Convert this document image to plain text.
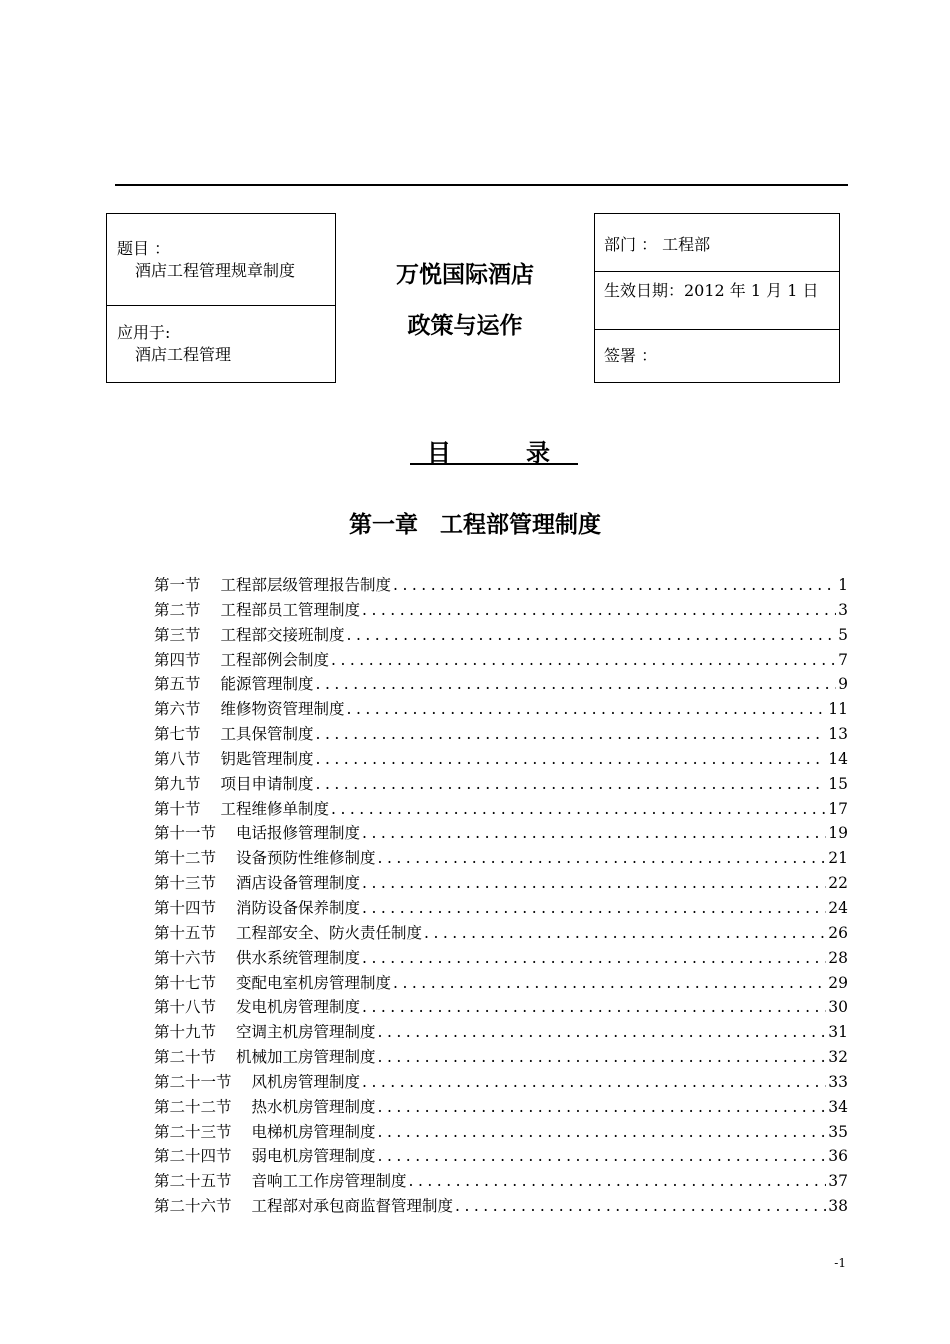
题目 ：
酒店工程管理规章制度
应用于:
酒店工程管理
万悦国际酒店
政策与运作
部门 ： 工程部
生效日期：2012 年 1 月 1 日
签署 ：
目	录
第一章 工程部管理制度
第一节 工程部层级管理报告制度 .....	1
第二节 工程部员工管理制度 .....	3
第三节 工程部交接班制度 .....	5
第四节 工程部例会制度 .....	7
第五节 能源管理制度 .....	9
第六节 维修物资管理制度 .....	11
第七节 工具保管制度 .....	13
第八节 钥匙管理制度 .....	14
第九节 项目申请制度 .....	15
第十节 工程维修单制度 .....	17
第十一节 电话报修管理制度 .....	19
第十二节 设备预防性维修制度 .....	21
第十三节 酒店设备管理制度 .....	22
第十四节 消防设备保养制度 .....	24
第十五节 工程部安全、防火责任制度 .....	26
第十六节 供水系统管理制度 .....	28
第十七节 变配电室机房管理制度 .....	29
第十八节 发电机房管理制度 .....	30
第十九节 空调主机房管理制度 .....	31
第二十节 机械加工房管理制度 .....	32
第二十一节 风机房管理制度 .....	33
第二十二节 热水机房管理制度 .....	34
第二十三节 电梯机房管理制度 .....	35
第二十四节 弱电机房管理制度 .....	36
第二十五节 音响工工作房管理制度 .....	37
第二十六节 工程部对承包商监督管理制度 .....	38
-1
